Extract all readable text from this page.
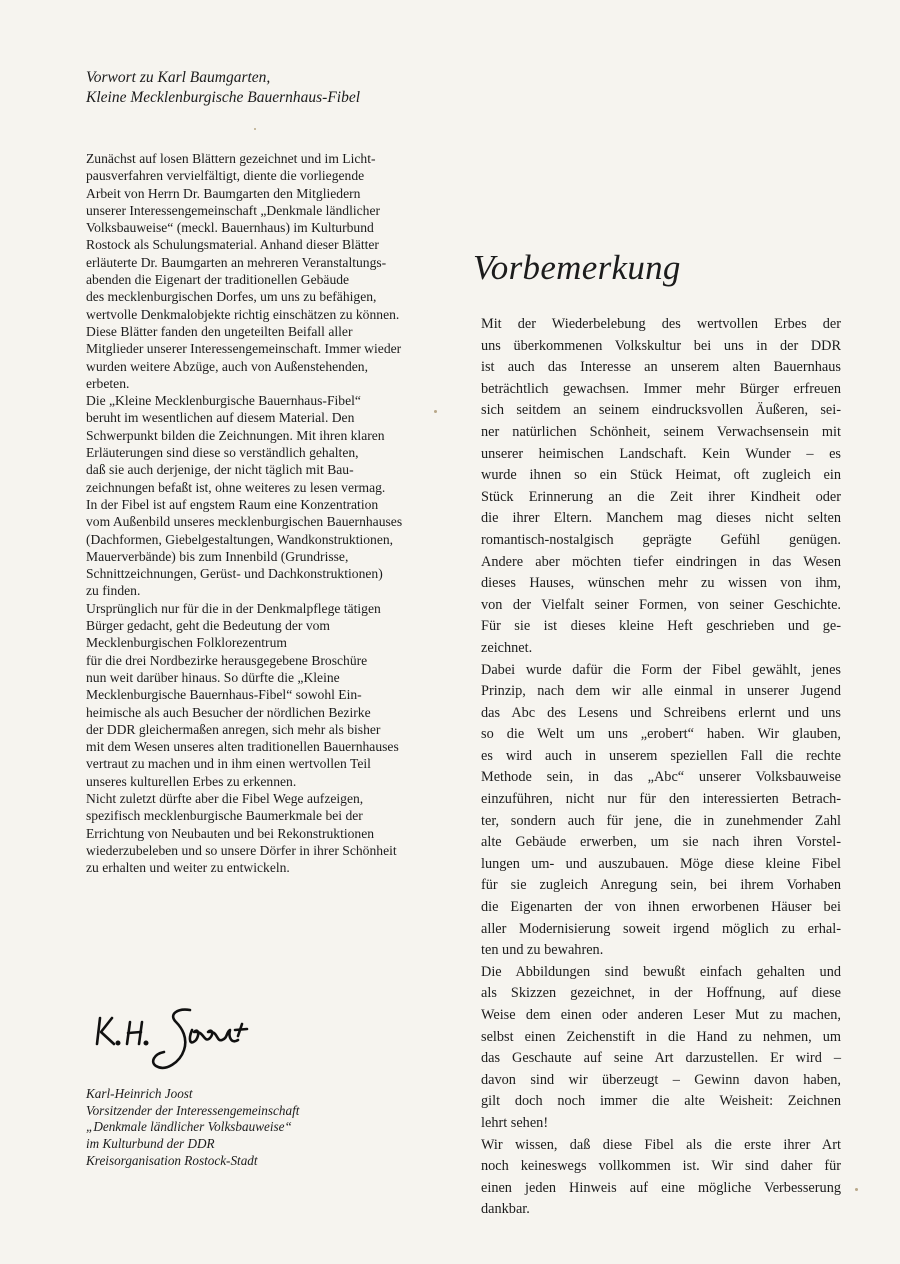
Vorwort zu Karl Baumgarten,
Kleine Mecklenburgische Bauernhaus-Fibel
Zunächst auf losen Blättern gezeichnet und im Licht-
pausverfahren vervielfältigt, diente die vorliegende
Arbeit von Herrn Dr. Baumgarten den Mitgliedern
unserer Interessengemeinschaft „Denkmale ländlicher
Volksbauweise“ (meckl. Bauernhaus) im Kulturbund
Rostock als Schulungsmaterial. Anhand dieser Blätter
erläuterte Dr. Baumgarten an mehreren Veranstaltungs-
abenden die Eigenart der traditionellen Gebäude
des mecklenburgischen Dorfes, um uns zu befähigen,
wertvolle Denkmalobjekte richtig einschätzen zu können.
Diese Blätter fanden den ungeteilten Beifall aller
Mitglieder unserer Interessengemeinschaft. Immer wieder
wurden weitere Abzüge, auch von Außenstehenden,
erbeten.
Die „Kleine Mecklenburgische Bauernhaus-Fibel“
beruht im wesentlichen auf diesem Material. Den
Schwerpunkt bilden die Zeichnungen. Mit ihren klaren
Erläuterungen sind diese so verständlich gehalten,
daß sie auch derjenige, der nicht täglich mit Bau-
zeichnungen befaßt ist, ohne weiteres zu lesen vermag.
In der Fibel ist auf engstem Raum eine Konzentration
vom Außenbild unseres mecklenburgischen Bauernhauses
(Dachformen, Giebelgestaltungen, Wandkonstruktionen,
Mauerverbände) bis zum Innenbild (Grundrisse,
Schnittzeichnungen, Gerüst- und Dachkonstruktionen)
zu finden.
Ursprünglich nur für die in der Denkmalpflege tätigen
Bürger gedacht, geht die Bedeutung der vom
Mecklenburgischen Folklorezentrum
für die drei Nordbezirke herausgegebene Broschüre
nun weit darüber hinaus. So dürfte die „Kleine
Mecklenburgische Bauernhaus-Fibel“ sowohl Ein-
heimische als auch Besucher der nördlichen Bezirke
der DDR gleichermaßen anregen, sich mehr als bisher
mit dem Wesen unseres alten traditionellen Bauernhauses
vertraut zu machen und in ihm einen wertvollen Teil
unseres kulturellen Erbes zu erkennen.
Nicht zuletzt dürfte aber die Fibel Wege aufzeigen,
spezifisch mecklenburgische Baumerkmale bei der
Errichtung von Neubauten und bei Rekonstruktionen
wiederzubeleben und so unsere Dörfer in ihrer Schönheit
zu erhalten und weiter zu entwickeln.
Karl-Heinrich Joost
Vorsitzender der Interessengemeinschaft
„Denkmale ländlicher Volksbauweise“
im Kulturbund der DDR
Kreisorganisation Rostock-Stadt
Vorbemerkung
Mit der Wiederbelebung des wertvollen Erbes der
uns überkommenen Volkskultur bei uns in der DDR
ist auch das Interesse an unserem alten Bauernhaus
beträchtlich gewachsen. Immer mehr Bürger erfreuen
sich seitdem an seinem eindrucksvollen Äußeren, sei-
ner natürlichen Schönheit, seinem Verwachsensein mit
unserer heimischen Landschaft. Kein Wunder – es
wurde ihnen so ein Stück Heimat, oft zugleich ein
Stück Erinnerung an die Zeit ihrer Kindheit oder
die ihrer Eltern. Manchem mag dieses nicht selten
romantisch-nostalgisch geprägte Gefühl genügen.
Andere aber möchten tiefer eindringen in das Wesen
dieses Hauses, wünschen mehr zu wissen von ihm,
von der Vielfalt seiner Formen, von seiner Geschichte.
Für sie ist dieses kleine Heft geschrieben und ge-
zeichnet.
Dabei wurde dafür die Form der Fibel gewählt, jenes
Prinzip, nach dem wir alle einmal in unserer Jugend
das Abc des Lesens und Schreibens erlernt und uns
so die Welt um uns „erobert“ haben. Wir glauben,
es wird auch in unserem speziellen Fall die rechte
Methode sein, in das „Abc“ unserer Volksbauweise
einzuführen, nicht nur für den interessierten Betrach-
ter, sondern auch für jene, die in zunehmender Zahl
alte Gebäude erwerben, um sie nach ihren Vorstel-
lungen um- und auszubauen. Möge diese kleine Fibel
für sie zugleich Anregung sein, bei ihrem Vorhaben
die Eigenarten der von ihnen erworbenen Häuser bei
aller Modernisierung soweit irgend möglich zu erhal-
ten und zu bewahren.
Die Abbildungen sind bewußt einfach gehalten und
als Skizzen gezeichnet, in der Hoffnung, auf diese
Weise dem einen oder anderen Leser Mut zu machen,
selbst einen Zeichenstift in die Hand zu nehmen, um
das Geschaute auf seine Art darzustellen. Er wird –
davon sind wir überzeugt – Gewinn davon haben,
gilt doch noch immer die alte Weisheit: Zeichnen
lehrt sehen!
Wir wissen, daß diese Fibel als die erste ihrer Art
noch keineswegs vollkommen ist. Wir sind daher für
einen jeden Hinweis auf eine mögliche Verbesserung
dankbar.
